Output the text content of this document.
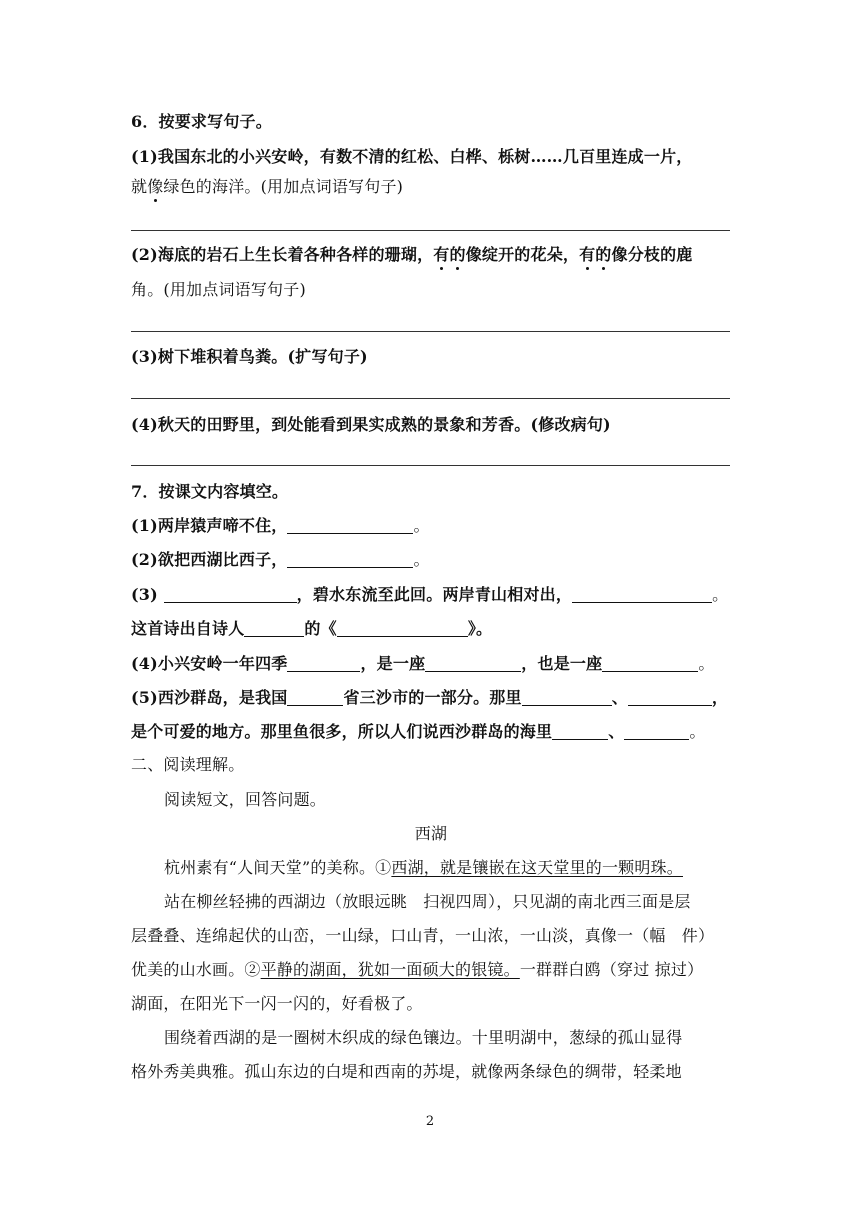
6．按要求写句子。
(1)我国东北的小兴安岭，有数不清的红松、白桦、栎树……几百里连成一片，
就像绿色的海洋。(用加点词语写句子)
(2)海底的岩石上生长着各种各样的珊瑚，有的像绽开的花朵，有的像分枝的鹿
角。(用加点词语写句子)
(3)树下堆积着鸟粪。(扩写句子)
(4)秋天的田野里，到处能看到果实成熟的景象和芳香。(修改病句)
7．按课文内容填空。
(1)两岸猿声啼不住，	。
(2)欲把西湖比西子，	。
(3)	，碧水东流至此回。两岸青山相对出，	。
这首诗出自诗人	的《	》。
(4)小兴安岭一年四季	，是一座	，也是一座	。
(5)西沙群岛，是我国	省三沙市的一部分。那里	、	，
是个可爱的地方。那里鱼很多，所以人们说西沙群岛的海里	、	。
二、阅读理解。
阅读短文，回答问题。
西湖
杭州素有“人间天堂”的美称。①西湖，就是镶嵌在这天堂里的一颗明珠。
站在柳丝轻拂的西湖边（放眼远眺　扫视四周），只见湖的南北西三面是层
层叠叠、连绵起伏的山峦，一山绿，口山青，一山浓，一山淡，真像一（幅　件）
优美的山水画。②平静的湖面，犹如一面硕大的银镜。一群群白鸥（穿过 掠过）
湖面，在阳光下一闪一闪的，好看极了。
围绕着西湖的是一圈树木织成的绿色镶边。十里明湖中，葱绿的孤山显得
格外秀美典雅。孤山东边的白堤和西南的苏堤，就像两条绿色的绸带，轻柔地
2
